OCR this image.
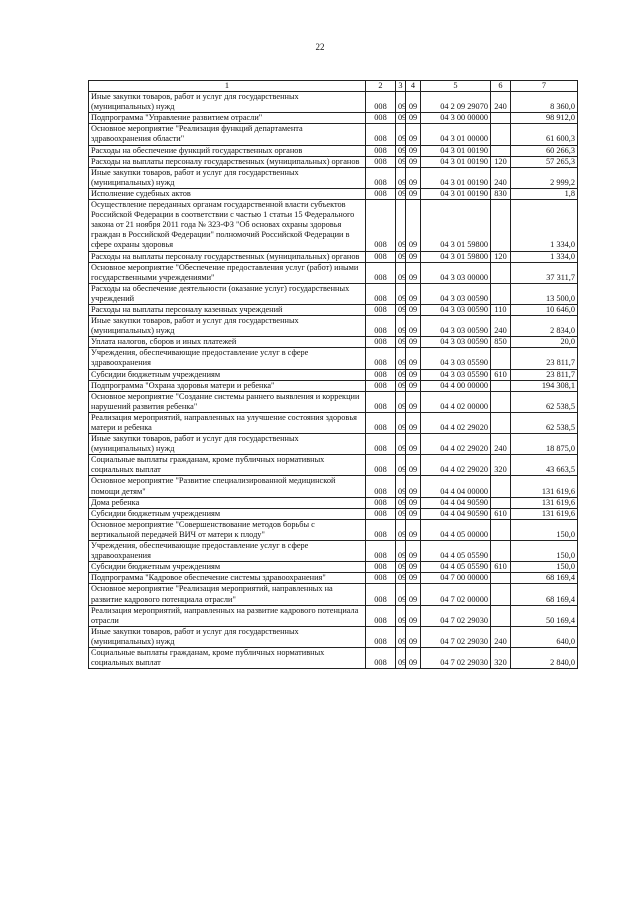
22
1	2	3	4	5	6	7
Иные закупки товаров, работ и услуг для государственных (муниципальных) нужд	008	09	09	04 2 09 29070	240	8 360,0
Подпрограмма "Управление развитием отрасли"	008	09	09	04 3 00 00000		98 912,0
Основное мероприятие "Реализация функций департамента здравоохранения области"	008	09	09	04 3 01 00000		61 600,3
Расходы на обеспечение функций государственных органов	008	09	09	04 3 01 00190		60 266,3
Расходы на выплаты персоналу государственных (муниципальных) органов	008	09	09	04 3 01 00190	120	57 265,3
Иные закупки товаров, работ и услуг для государственных (муниципальных) нужд	008	09	09	04 3 01 00190	240	2 999,2
Исполнение судебных актов	008	09	09	04 3 01 00190	830	1,8
Осуществление переданных органам государственной власти субъектов Российской Федерации в соответствии с частью 1 статьи 15 Федерального закона от 21 ноября 2011 года № 323-ФЗ "Об основах охраны здоровья граждан в Российской Федерации" полномочий Российской Федерации в сфере охраны здоровья	008	09	09	04 3 01 59800		1 334,0
Расходы на выплаты персоналу государственных (муниципальных) органов	008	09	09	04 3 01 59800	120	1 334,0
Основное мероприятие "Обеспечение предоставления услуг (работ) иными государственными учреждениями"	008	09	09	04 3 03 00000		37 311,7
Расходы на обеспечение деятельности (оказание услуг) государственных учреждений	008	09	09	04 3 03 00590		13 500,0
Расходы на выплаты персоналу казенных учреждений	008	09	09	04 3 03 00590	110	10 646,0
Иные закупки товаров, работ и услуг для государственных (муниципальных) нужд	008	09	09	04 3 03 00590	240	2 834,0
Уплата налогов, сборов и иных платежей	008	09	09	04 3 03 00590	850	20,0
Учреждения, обеспечивающие предоставление услуг в сфере здравоохранения	008	09	09	04 3 03 05590		23 811,7
Субсидии бюджетным учреждениям	008	09	09	04 3 03 05590	610	23 811,7
Подпрограмма "Охрана здоровья матери и ребенка"	008	09	09	04 4 00 00000		194 308,1
Основное мероприятие "Создание системы раннего выявления и коррекции нарушений развития ребенка"	008	09	09	04 4 02 00000		62 538,5
Реализация мероприятий, направленных на улучшение состояния здоровья матери и ребенка	008	09	09	04 4 02 29020		62 538,5
Иные закупки товаров, работ и услуг для государственных (муниципальных) нужд	008	09	09	04 4 02 29020	240	18 875,0
Социальные выплаты гражданам, кроме публичных нормативных социальных выплат	008	09	09	04 4 02 29020	320	43 663,5
Основное мероприятие "Развитие специализированной медицинской помощи детям"	008	09	09	04 4 04 00000		131 619,6
Дома ребенка	008	09	09	04 4 04 90590		131 619,6
Субсидии бюджетным учреждениям	008	09	09	04 4 04 90590	610	131 619,6
Основное мероприятие "Совершенствование методов борьбы с вертикальной передачей ВИЧ от матери к плоду"	008	09	09	04 4 05 00000		150,0
Учреждения, обеспечивающие предоставление услуг в сфере здравоохранения	008	09	09	04 4 05 05590		150,0
Субсидии бюджетным учреждениям	008	09	09	04 4 05 05590	610	150,0
Подпрограмма "Кадровое обеспечение системы здравоохранения"	008	09	09	04 7 00 00000		68 169,4
Основное мероприятие "Реализация мероприятий, направленных на развитие кадрового потенциала отрасли"	008	09	09	04 7 02 00000		68 169,4
Реализация мероприятий, направленных на развитие кадрового потенциала отрасли	008	09	09	04 7 02 29030		50 169,4
Иные закупки товаров, работ и услуг для государственных (муниципальных) нужд	008	09	09	04 7 02 29030	240	640,0
Социальные выплаты гражданам, кроме публичных нормативных социальных выплат	008	09	09	04 7 02 29030	320	2 840,0
